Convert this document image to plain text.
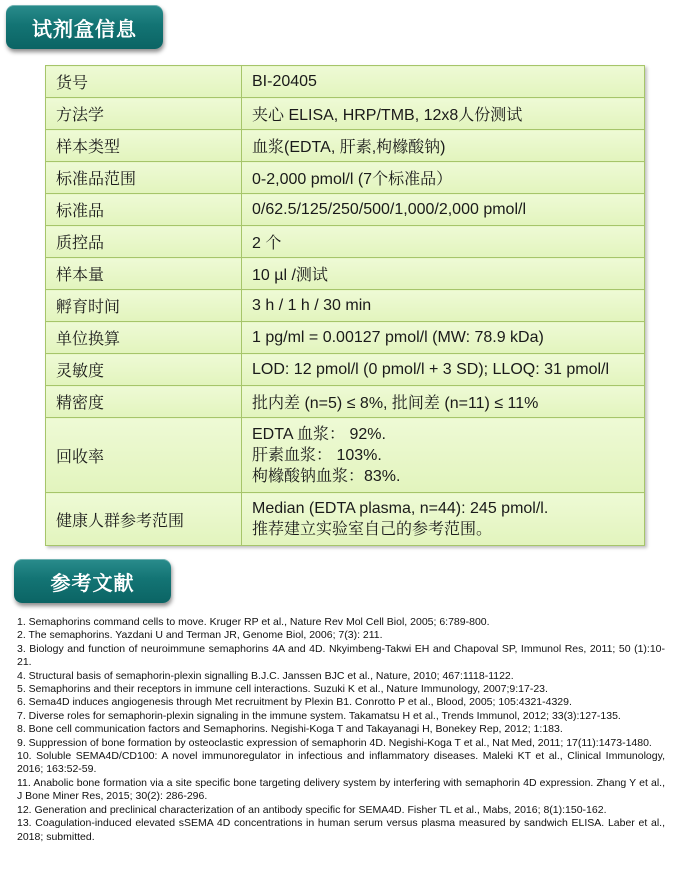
试剂盒信息
货号	BI-20405
方法学	夹心 ELISA, HRP/TMB, 12x8人份测试
样本类型	血浆(EDTA, 肝素,枸橼酸钠)
标准品范围	0-2,000 pmol/l (7个标准品）
标准品	0/62.5/125/250/500/1,000/2,000 pmol/l
质控品	2 个
样本量	10 µl /测试
孵育时间	3 h / 1 h / 30 min
单位换算	1 pg/ml = 0.00127 pmol/l (MW: 78.9 kDa)
灵敏度	LOD: 12 pmol/l (0 pmol/l + 3 SD); LLOQ: 31 pmol/l
精密度	批内差 (n=5) ≤ 8%, 批间差 (n=11) ≤ 11%
回收率	EDTA 血浆： 92%.
肝素血浆： 103%.
枸橼酸钠血浆：83%.

健康人群参考范围	Median (EDTA plasma, n=44): 245 pmol/l.
推荐建立实验室自己的参考范围。
参考文献

1. Semaphorins command cells to move. Kruger RP et al., Nature Rev Mol Cell Biol, 2005; 6:789-800.

2. The semaphorins. Yazdani U and Terman JR, Genome Biol, 2006; 7(3): 211.

3. Biology and function of neuroimmune semaphorins 4A and 4D. Nkyimbeng-Takwi EH and Chapoval SP, Immunol Res, 2011; 50 (1):10-21.

4. Structural basis of semaphorin-plexin signalling B.J.C. Janssen BJC et al., Nature, 2010; 467:1118-1122.

5. Semaphorins and their receptors in immune cell interactions. Suzuki K et al., Nature Immunology, 2007;9:17-23.

6. Sema4D induces angiogenesis through Met recruitment by Plexin B1. Conrotto P et al., Blood, 2005; 105:4321-4329.

7. Diverse roles for semaphorin-plexin signaling in the immune system. Takamatsu H et al., Trends Immunol, 2012; 33(3):127-135.

8. Bone cell communication factors and Semaphorins. Negishi-Koga T and Takayanagi H, Bonekey Rep, 2012; 1:183.

9. Suppression of bone formation by osteoclastic expression of semaphorin 4D. Negishi-Koga T et al., Nat Med, 2011; 17(11):1473-1480.

10. Soluble SEMA4D/CD100: A novel immunoregulator in infectious and inflammatory diseases. Maleki KT et al., Clinical Immunology, 2016; 163:52-59.

11. Anabolic bone formation via a site specific bone targeting delivery system by interfering with semaphorin 4D expression. Zhang Y et al., J Bone Miner Res, 2015; 30(2): 286-296.

12. Generation and preclinical characterization of an antibody specific for SEMA4D. Fisher TL et al., Mabs, 2016; 8(1):150-162.

13. Coagulation-induced elevated sSEMA 4D concentrations in human serum versus plasma measured by sandwich ELISA. Laber et al., 2018; submitted.
